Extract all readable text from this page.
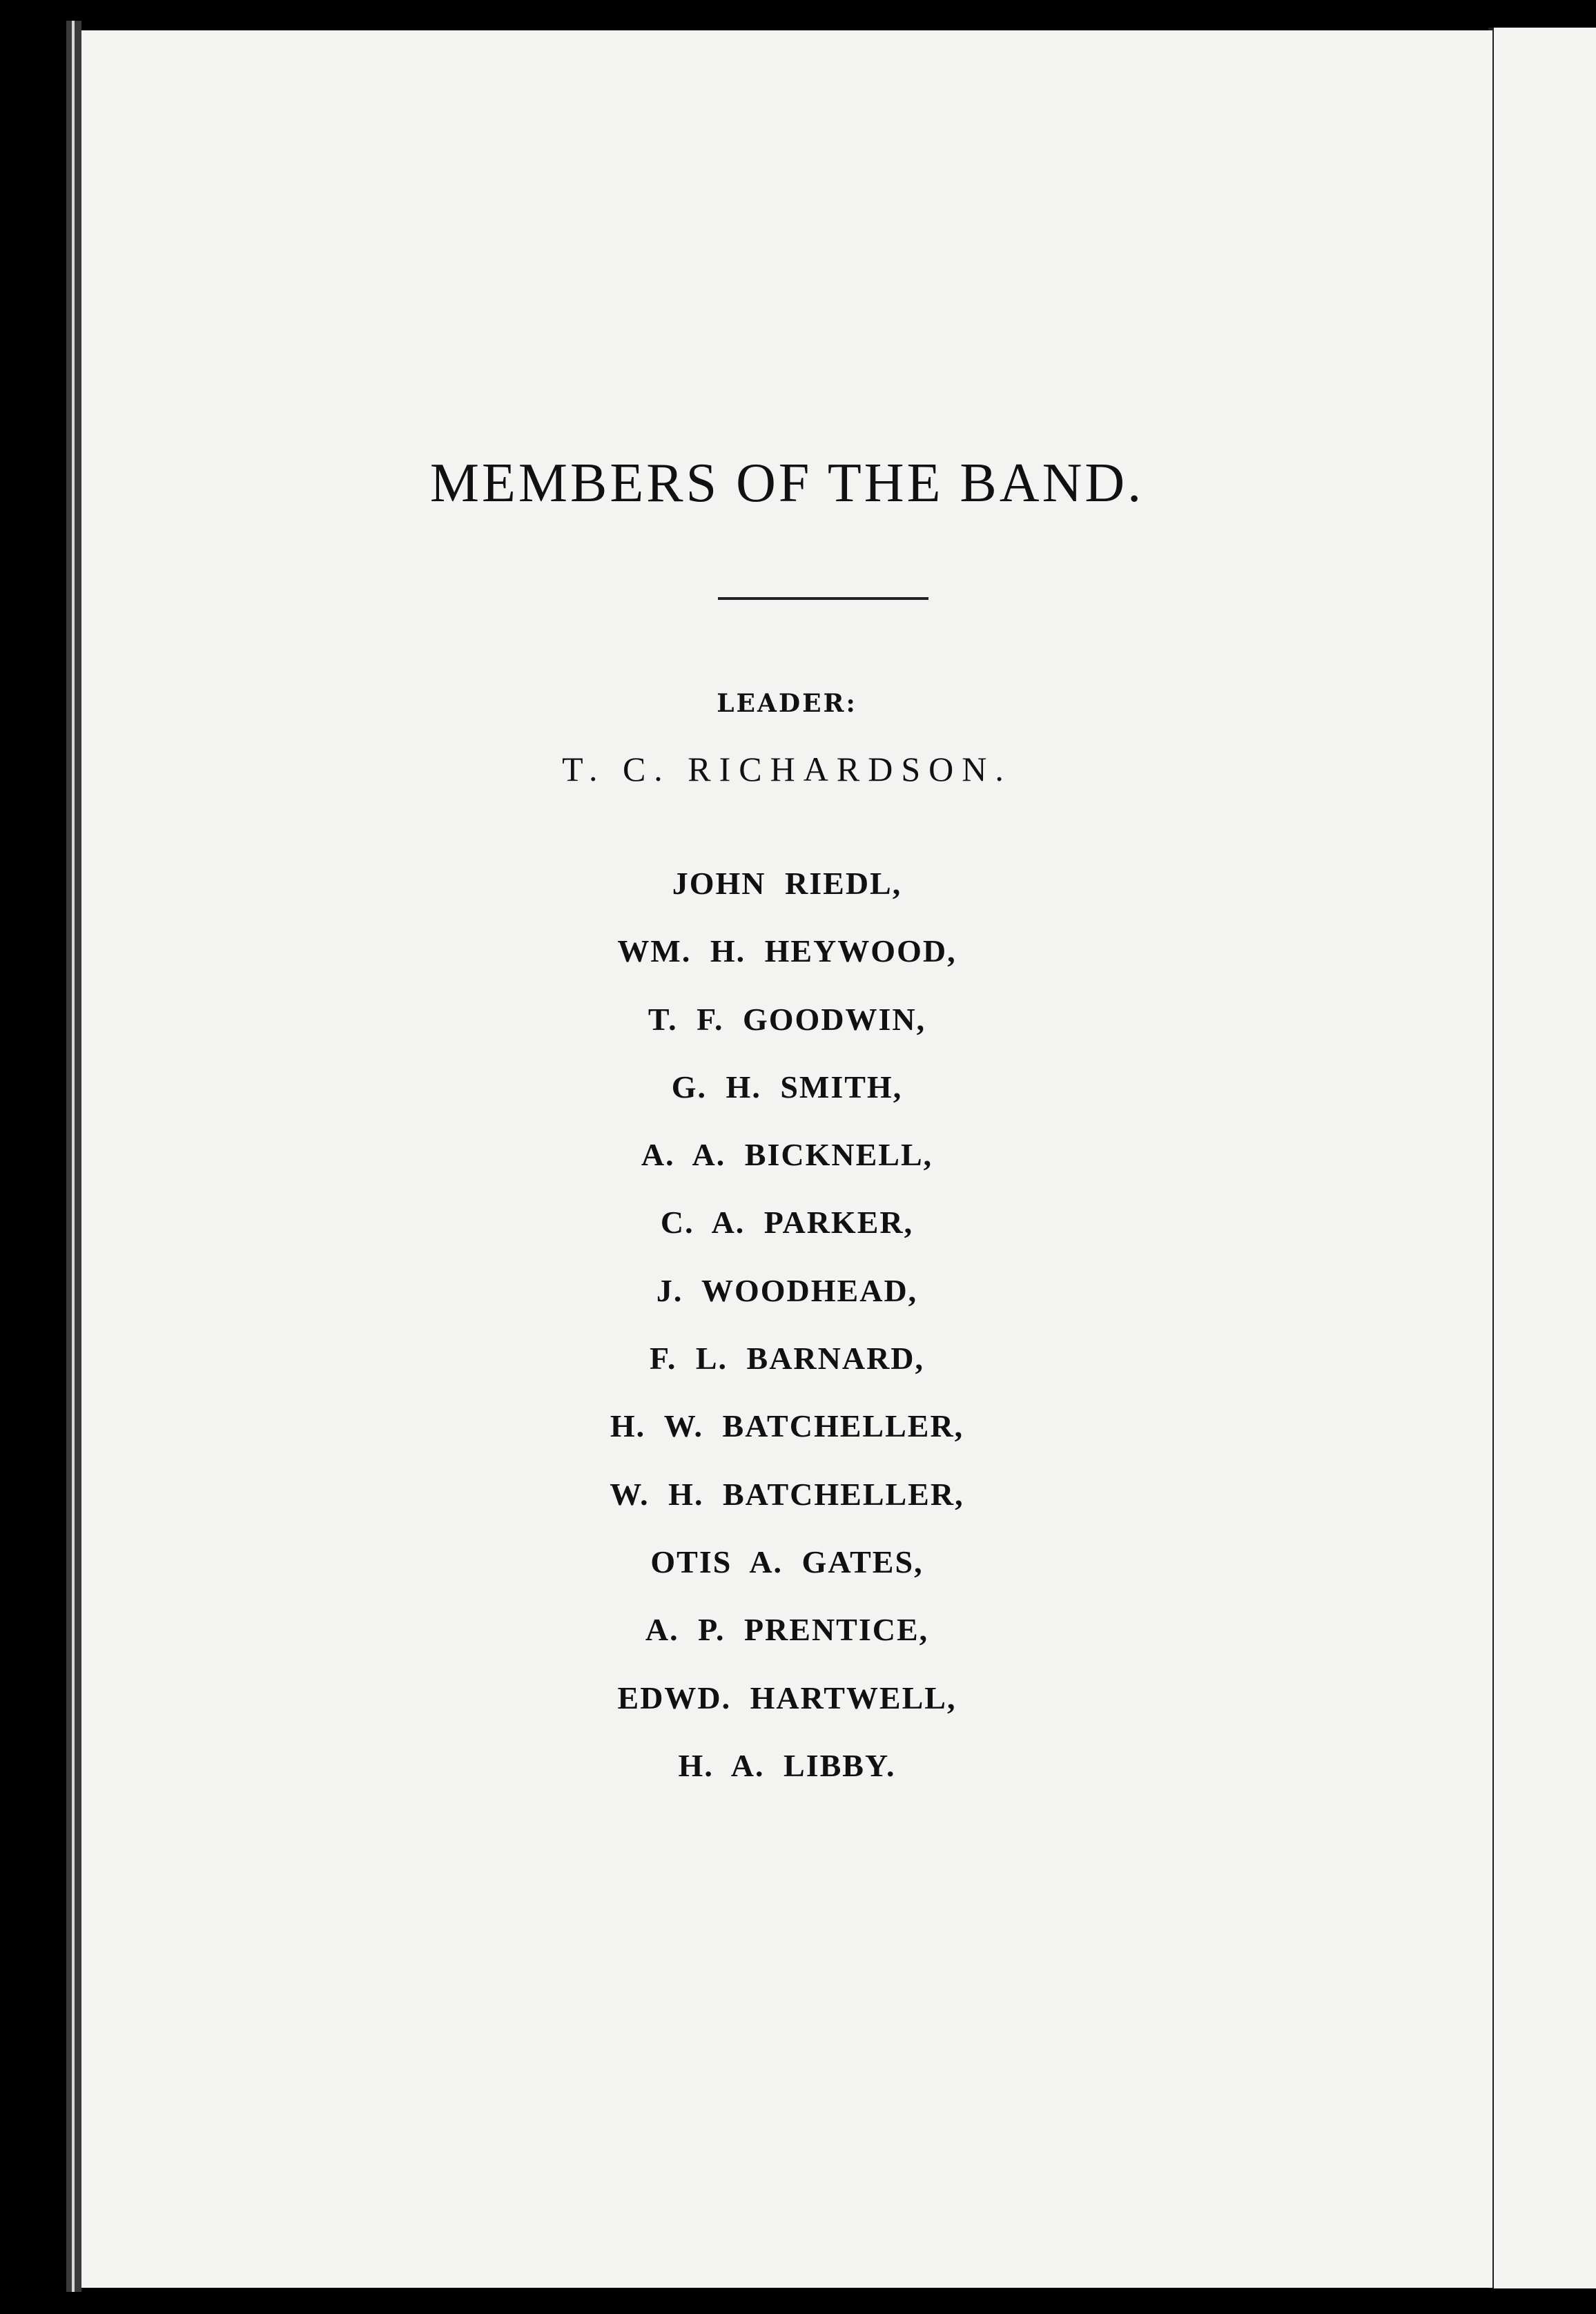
MEMBERS OF THE BAND.
LEADER:
T. C. RICHARDSON.
JOHN RIEDL,
WM. H. HEYWOOD,
T. F. GOODWIN,
G. H. SMITH,
A. A. BICKNELL,
C. A. PARKER,
J. WOODHEAD,
F. L. BARNARD,
H. W. BATCHELLER,
W. H. BATCHELLER,
OTIS A. GATES,
A. P. PRENTICE,
EDWD. HARTWELL,
H. A. LIBBY.
